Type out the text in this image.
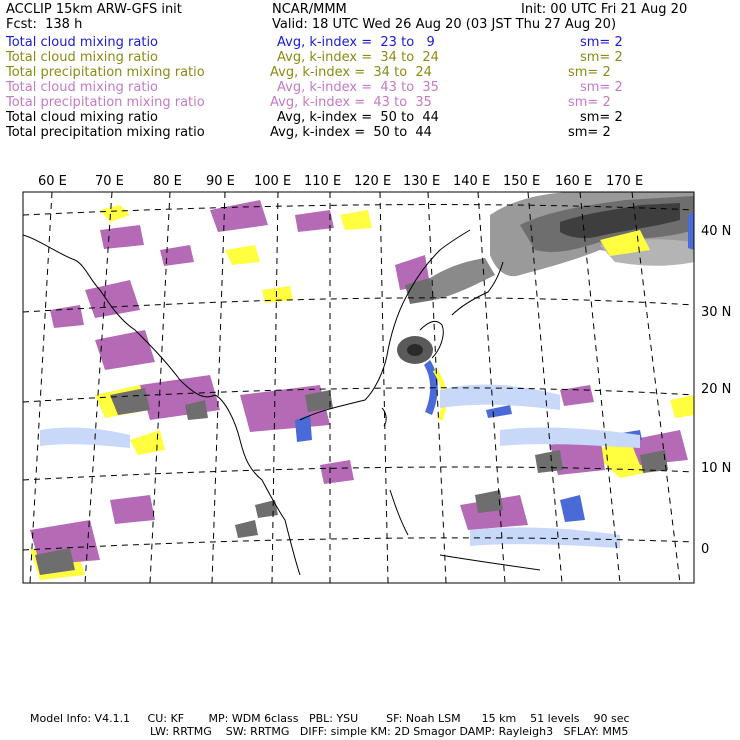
ACCLIP 15km ARW-GFS init	NCAR/MMM	Init: 00 UTC Fri 21 Aug 20
Fcst:  138 h	Valid: 18 UTC Wed 26 Aug 20 (03 JST Thu 27 Aug 20)
Total cloud mixing ratio	Avg, k-index =  23 to   9	sm= 2
Total cloud mixing ratio	Avg, k-index =  34 to  24	sm= 2
Total precipitation mixing ratio	Avg, k-index =  34 to  24	sm= 2
Total cloud mixing ratio	Avg, k-index =  43 to  35	sm= 2
Total precipitation mixing ratio	Avg, k-index =  43 to  35	sm= 2
Total cloud mixing ratio	Avg, k-index =  50 to  44	sm= 2
Total precipitation mixing ratio	Avg, k-index =  50 to  44	sm= 2
60 E 70 E 80 E 90 E 100 E 110 E 120 E 130 E 140 E 150 E 160 E 170 E
40 N
30 N
20 N
10 N
0
Model Info: V4.1.1     CU: KF       MP: WDM 6class   PBL: YSU        SF: Noah LSM      15 km    51 levels    90 sec
LW: RRTMG    SW: RRTMG   DIFF: simple KM: 2D Smagor DAMP: Rayleigh3   SFLAY: MM5
